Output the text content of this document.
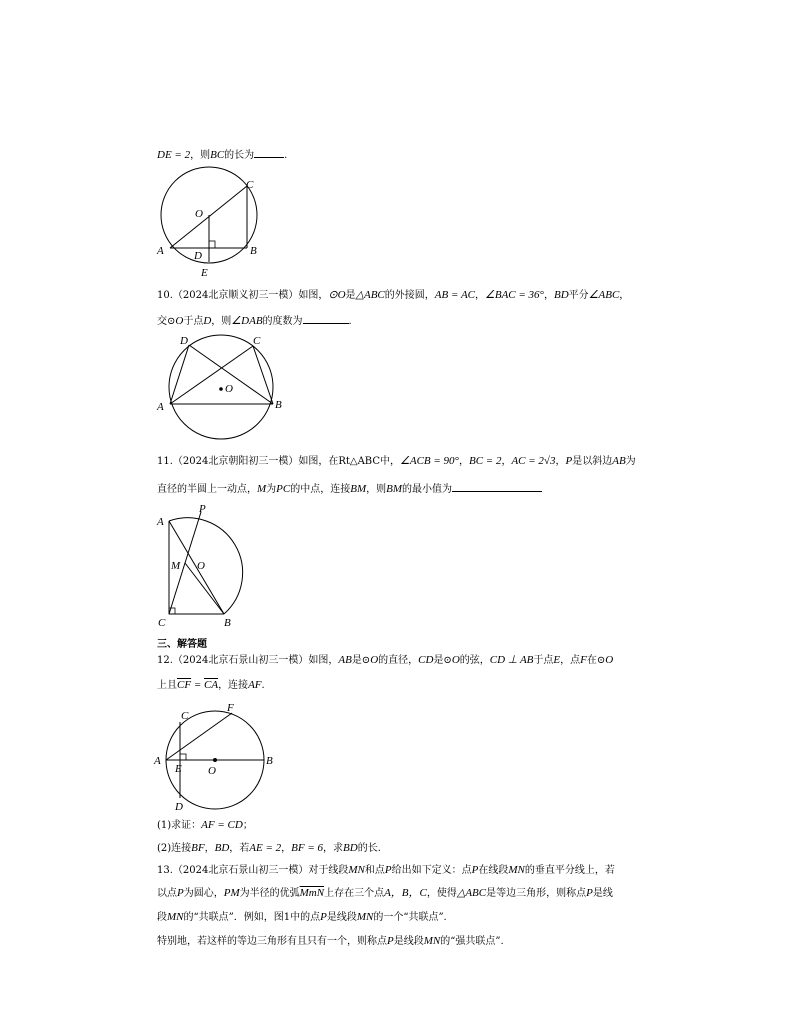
DE = 2，则BC的长为	.
A	B
C
O
D
E
10.（2024北京顺义初三一模）如图，⊙O是△ABC的外接圆，AB = AC，∠BAC = 36°，BD平分∠ABC，
交⊙O于点D，则∠DAB的度数为	.
A	B
C
D
O
11.（2024北京朝阳初三一模）如图，在Rt△ABC中，∠ACB = 90°，BC = 2，AC = 2√3，P是以斜边AB为
直径的半圆上一动点，M为PC的中点，连接BM，则BM的最小值为
A
P
M O
C	B
三、解答题
12.（2024北京石景山初三一模）如图，AB是⊙O的直径，CD是⊙O的弦，CD ⊥ AB于点E，点F在⊙O
上且$\overline{CF} = \overline{CA}$，连接AF.
A	B
C
D
E
F
O
(1)求证：AF = CD；
(2)连接BF，BD，若AE = 2，BF = 6，求BD的长.
13.（2024北京石景山初三一模）对于线段MN和点P给出如下定义：点P在线段MN的垂直平分线上，若
以点P为圆心，PM为半径的优弧$\overline{MmN}$上存在三个点A，B，C，使得△ABC是等边三角形，则称点P是线
段MN的“共联点”．例如，图1中的点P是线段MN的一个“共联点”.
特别地，若这样的等边三角形有且只有一个，则称点P是线段MN的“强共联点”.
